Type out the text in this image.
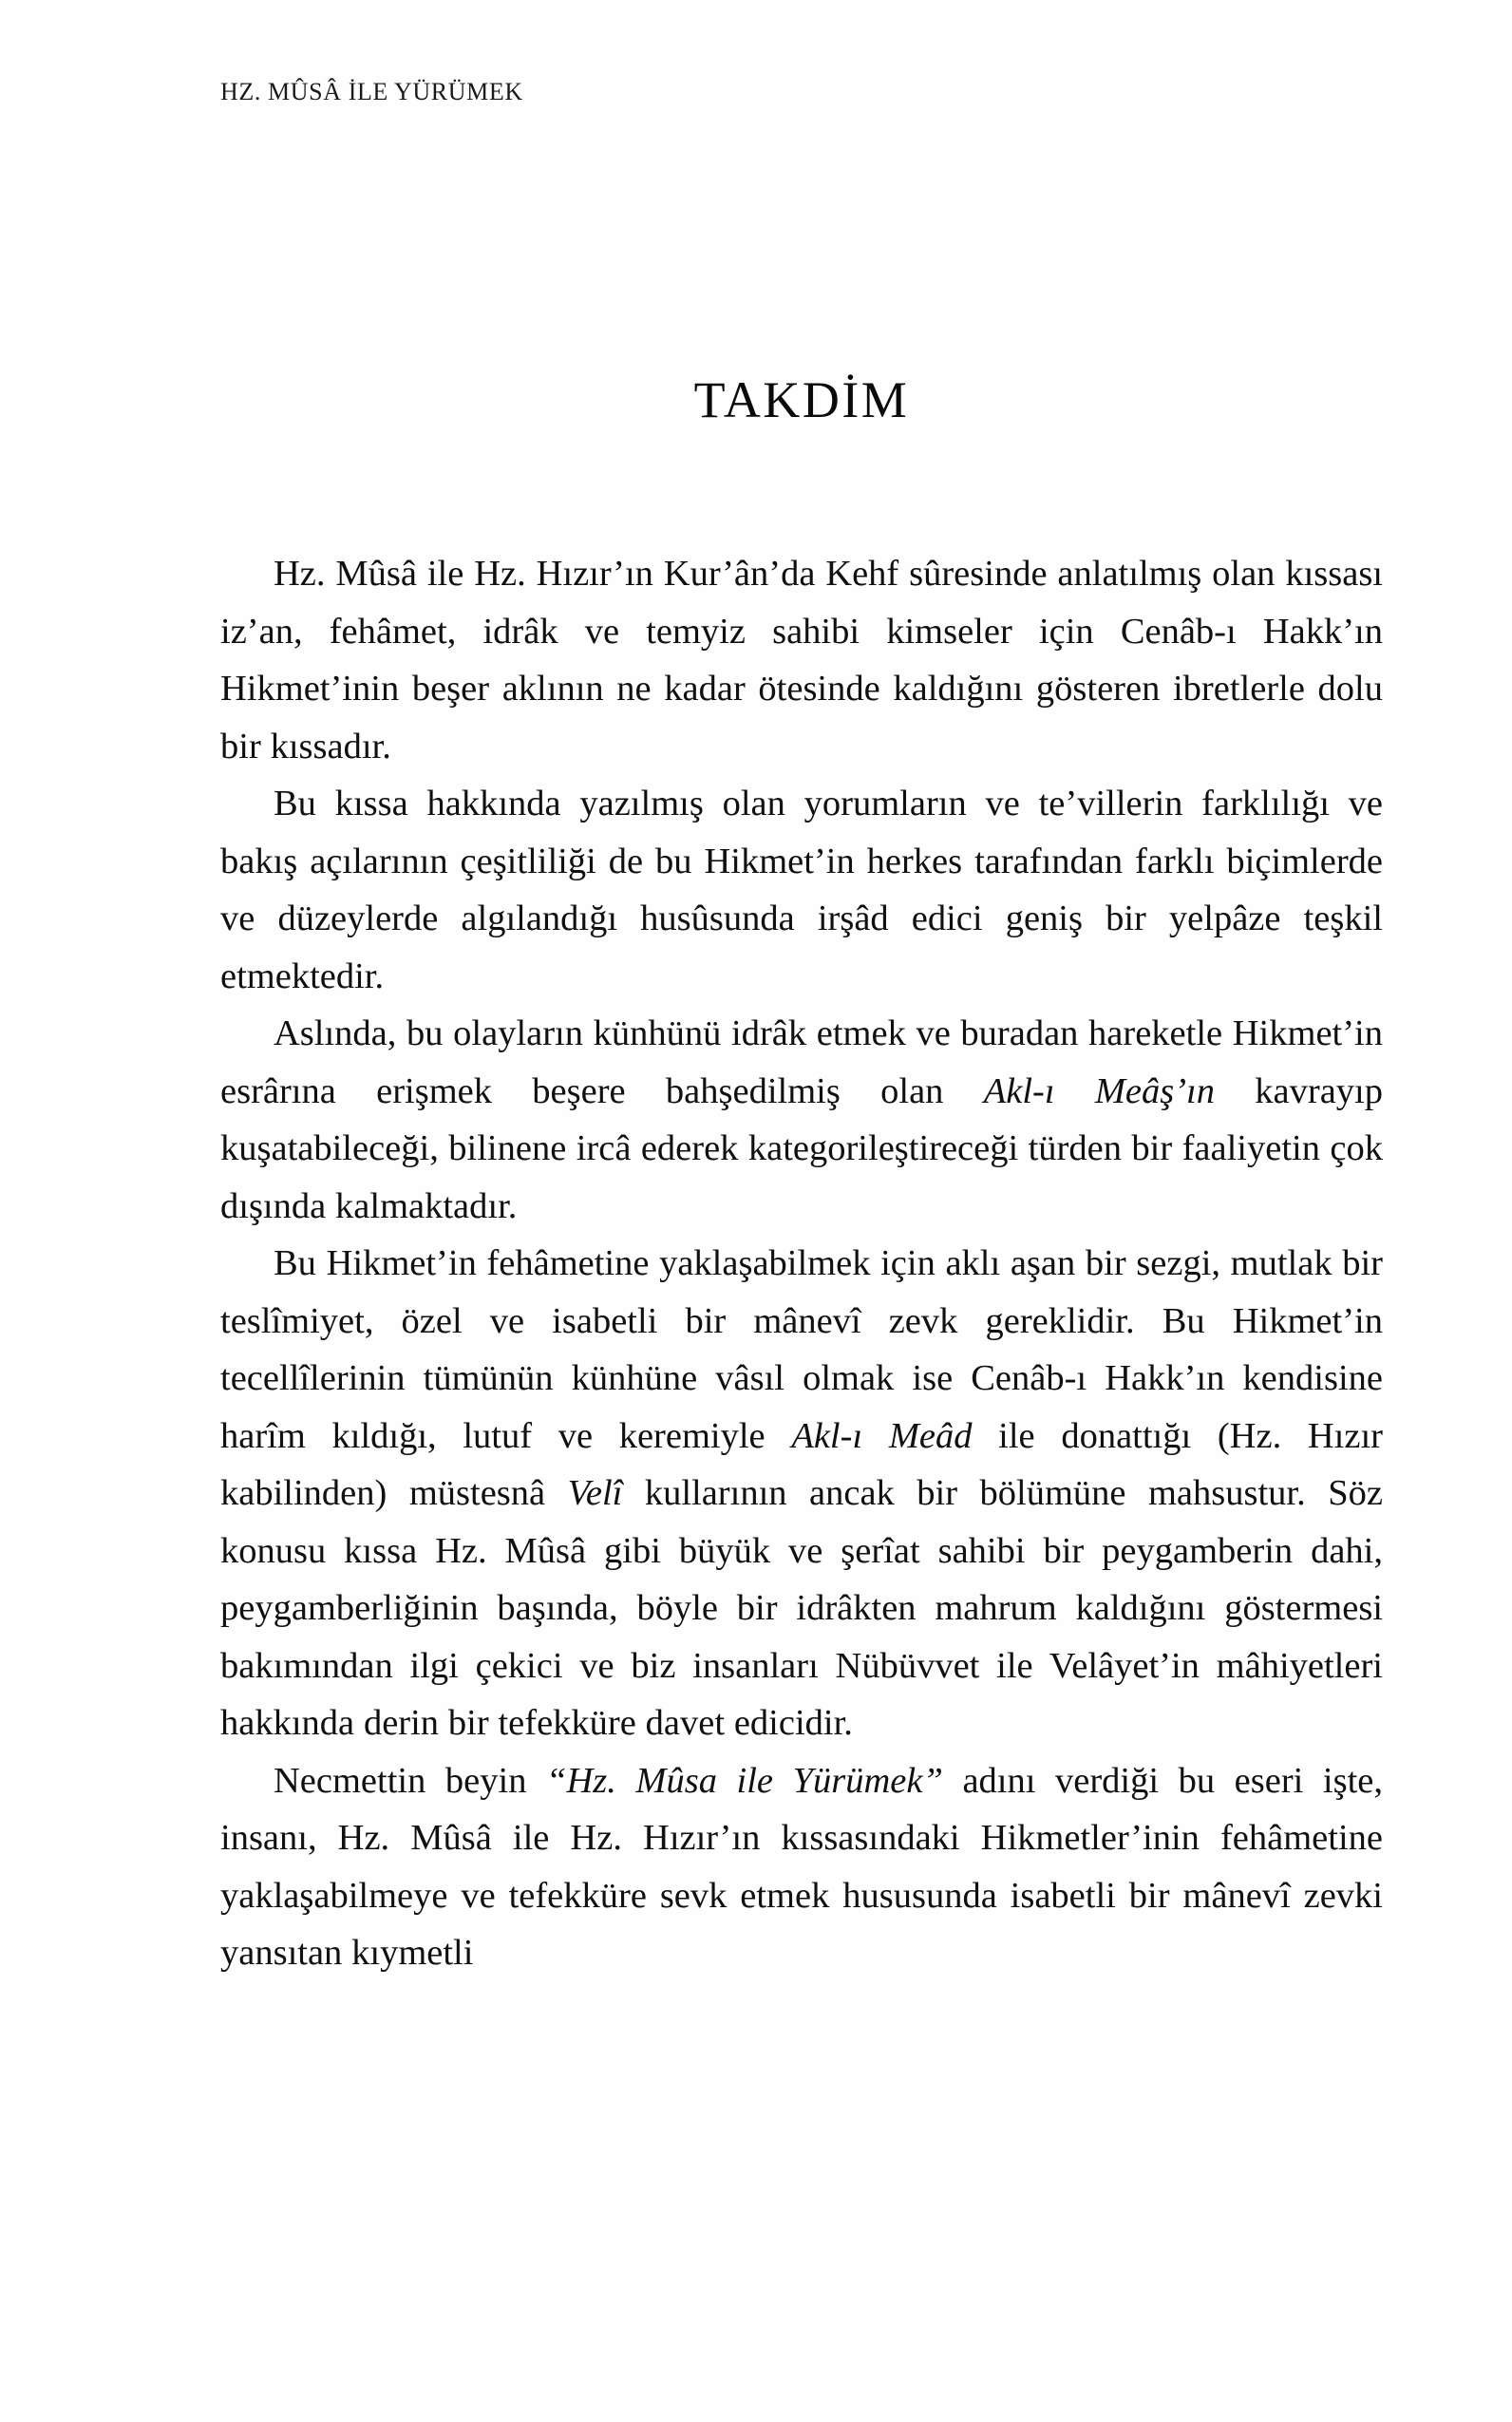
HZ. MÛSÂ İLE YÜRÜMEK
TAKDİM

Hz. Mûsâ ile Hz. Hızır’ın Kur’ân’da Kehf sûresinde anlatılmış olan kıssası iz’an, fehâmet, idrâk ve temyiz sahibi kimseler için Cenâb-ı Hakk’ın Hikmet’inin beşer aklının ne kadar ötesinde kaldığını gösteren ibretlerle dolu bir kıssadır.

Bu kıssa hakkında yazılmış olan yorumların ve te’villerin farklılığı ve bakış açılarının çeşitliliği de bu Hikmet’in herkes tarafından farklı biçimlerde ve düzeylerde algılandığı husûsunda irşâd edici geniş bir yelpâze teşkil etmektedir.

Aslında, bu olayların künhünü idrâk etmek ve buradan hareketle Hikmet’in esrârına erişmek beşere bahşedilmiş olan Akl-ı Meâş’ın kavrayıp kuşatabileceği, bilinene ircâ ederek kategorileştireceği türden bir faaliyetin çok dışında kalmaktadır.

Bu Hikmet’in fehâmetine yaklaşabilmek için aklı aşan bir sezgi, mutlak bir teslîmiyet, özel ve isabetli bir mânevî zevk gereklidir. Bu Hikmet’in tecellîlerinin tümünün künhüne vâsıl olmak ise Cenâb-ı Hakk’ın kendisine harîm kıldığı, lutuf ve keremiyle Akl-ı Meâd ile donattığı (Hz. Hızır kabilinden) müstesnâ Velî kullarının ancak bir bölümüne mahsustur. Söz konusu kıssa Hz. Mûsâ gibi büyük ve şerîat sahibi bir peygamberin dahi, peygamberliğinin başında, böyle bir idrâkten mahrum kaldığını göstermesi bakımından ilgi çekici ve biz insanları Nübüvvet ile Velâyet’in mâhiyetleri hakkında derin bir tefekküre davet edicidir.

Necmettin beyin “Hz. Mûsa ile Yürümek” adını verdiği bu eseri işte, insanı, Hz. Mûsâ ile Hz. Hızır’ın kıssasındaki Hikmetler’inin fehâmetine yaklaşabilmeye ve tefekküre sevk etmek hususunda isabetli bir mânevî zevki yansıtan kıymetli
